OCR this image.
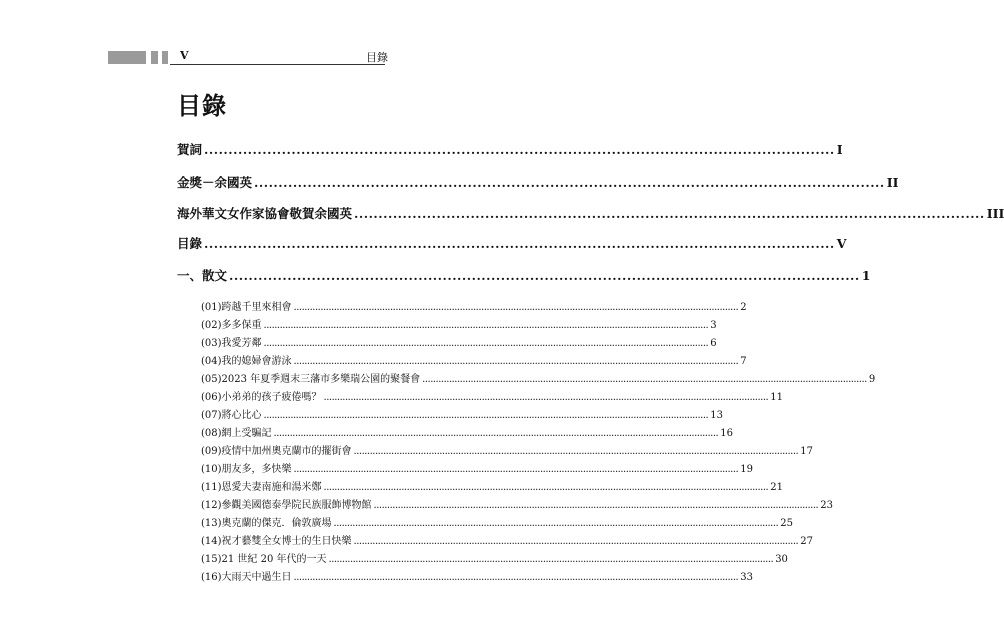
V	目錄
目錄
賀詞 .................................................................................................................................. I
金獎－余國英 .................................................................................................................................. II
海外華文女作家協會敬賀余國英 .................................................................................................................................. III
目錄 .................................................................................................................................. V
一、散文 .................................................................................................................................. 1
(01)跨越千里來相會 ...................................................................................................................................................................... 2
(02)多多保重 ...................................................................................................................................................................... 3
(03)我愛芳鄰 ...................................................................................................................................................................... 6
(04)我的媳婦會游泳 ...................................................................................................................................................................... 7
(05)2023 年夏季週末三藩市多樂瑞公園的聚餐會 ...................................................................................................................................................................... 9
(06)小弟弟的孩子疲倦嗎？ ...................................................................................................................................................................... 11
(07)將心比心 ...................................................................................................................................................................... 13
(08)網上受騙記 ...................................................................................................................................................................... 16
(09)疫情中加州奧克蘭市的擺街會 ...................................................................................................................................................................... 17
(10)朋友多，多快樂 ...................................................................................................................................................................... 19
(11)恩愛夫妻南施和湯米鄭 ...................................................................................................................................................................... 21
(12)參觀美國德泰學院民族服飾博物館 ...................................................................................................................................................................... 23
(13)奧克蘭的傑克．倫敦廣場 ...................................................................................................................................................................... 25
(14)祝才藝雙全女博士的生日快樂 ...................................................................................................................................................................... 27
(15)21 世紀 20 年代的一天 ...................................................................................................................................................................... 30
(16)大雨天中過生日 ...................................................................................................................................................................... 33
